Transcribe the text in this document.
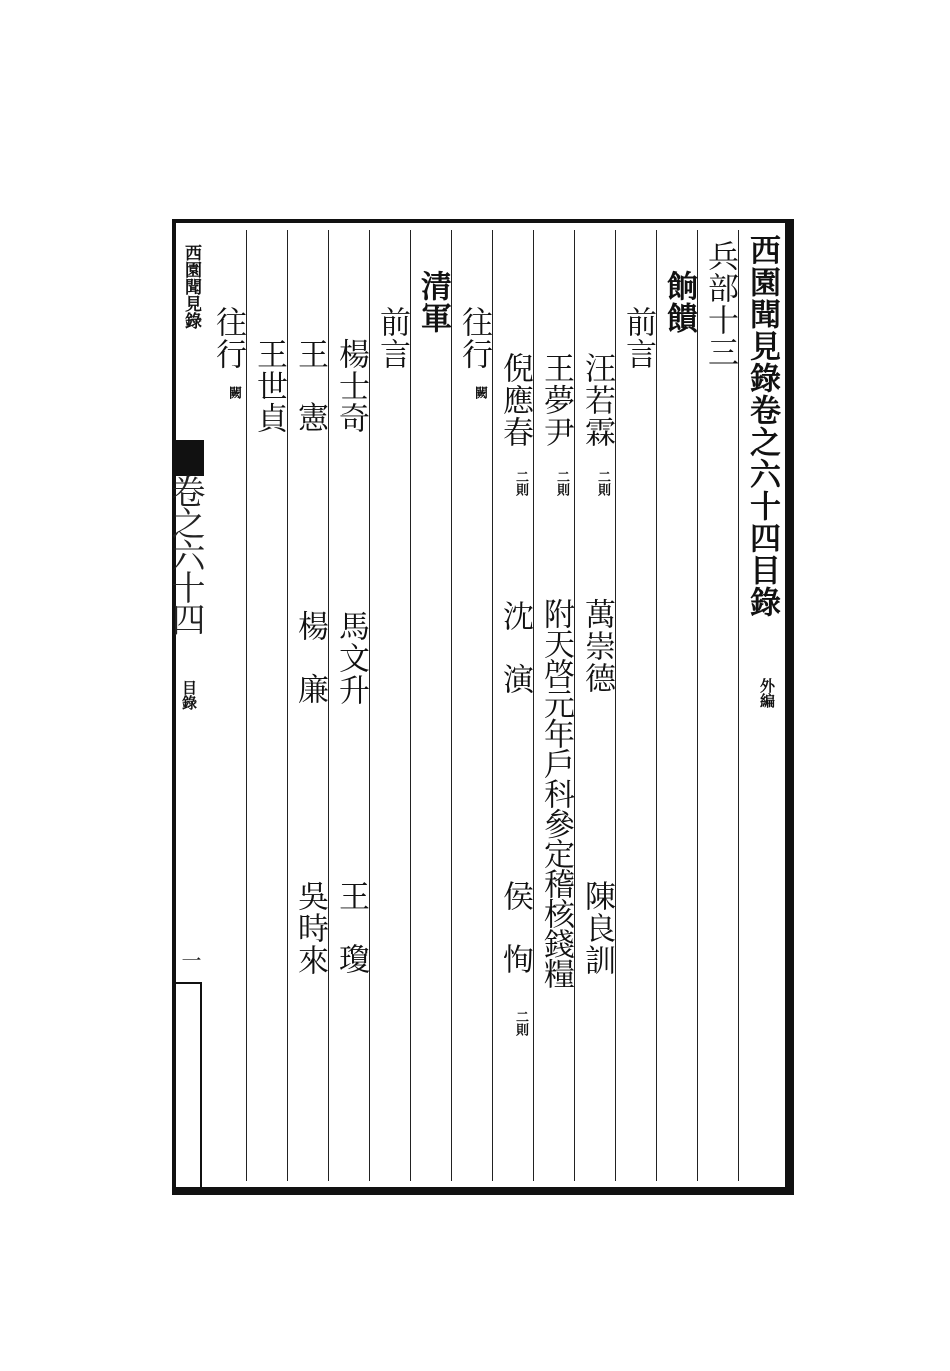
西園聞見錄卷之六十四目錄
外編
兵部十三
餉饋
前言
汪若霖
二則
萬崇德
陳良訓
王夢尹
二則
附天啓元年戶科參定稽核錢糧
往行
闕 倪應春
二則
沈演
侯恂
二則
清軍
前言
楊士奇
馬文升
王瓊
王憲
楊廉
吳時來
王世貞
往行
闕
西園聞見錄
卷之六十四
目錄
一
